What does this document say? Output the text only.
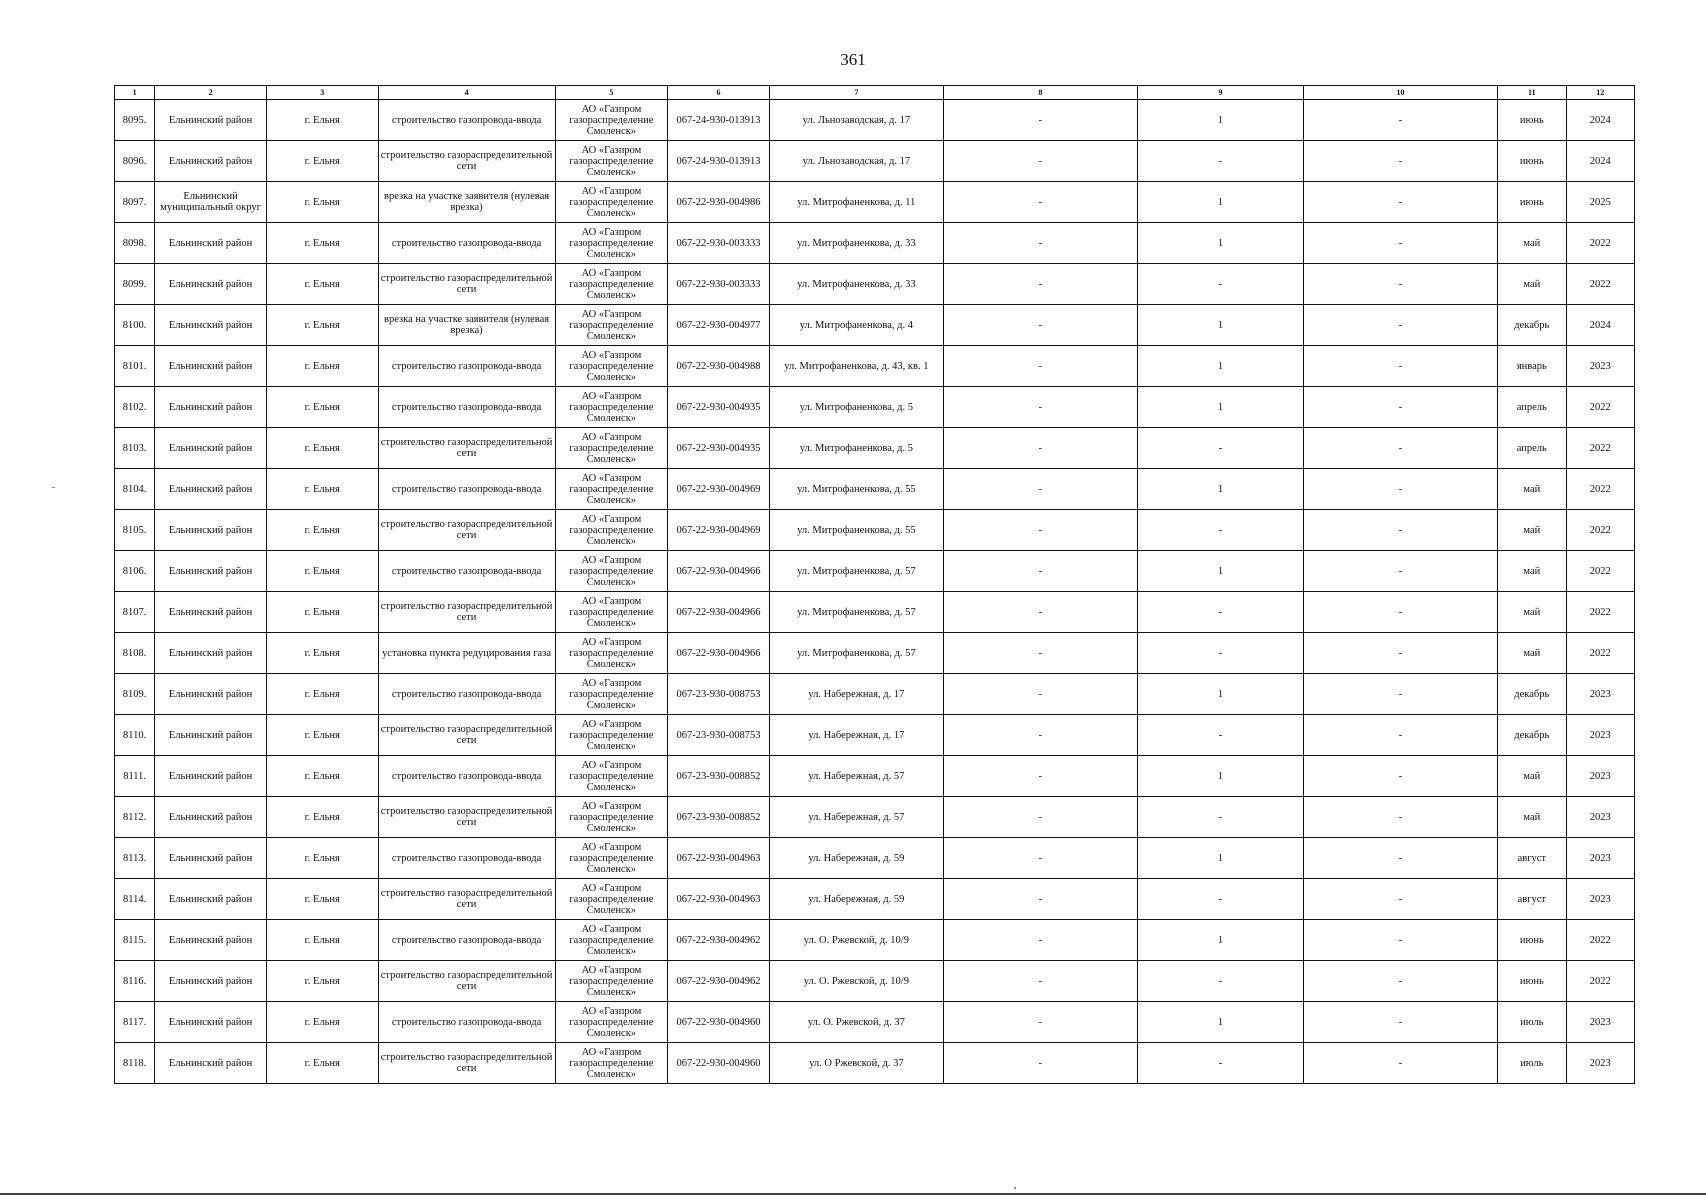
361
1	2	3	4	5	6	7	8	9	10	11	12
8095.	Ельнинский район	г. Ельня	строительство газопровода-ввода	АО «Газпром газораспределение Смоленск»	067-24-930-013913	ул. Льнозаводская, д. 17	-	1	-	июнь	2024
8096.	Ельнинский район	г. Ельня	строительство газораспределительной сети	АО «Газпром газораспределение Смоленск»	067-24-930-013913	ул. Льнозаводская, д. 17	-	-	-	июнь	2024
8097.	Ельнинский муниципальный округ	г. Ельня	врезка на участке заявителя (нулевая врезка)	АО «Газпром газораспределение Смоленск»	067-22-930-004986	ул. Митрофаненкова, д. 11	-	1	-	июнь	2025
8098.	Ельнинский район	г. Ельня	строительство газопровода-ввода	АО «Газпром газораспределение Смоленск»	067-22-930-003333	ул. Митрофаненкова, д. 33	-	1	-	май	2022
8099.	Ельнинский район	г. Ельня	строительство газораспределительной сети	АО «Газпром газораспределение Смоленск»	067-22-930-003333	ул. Митрофаненкова, д. 33	-	-	-	май	2022
8100.	Ельнинский район	г. Ельня	врезка на участке заявителя (нулевая врезка)	АО «Газпром газораспределение Смоленск»	067-22-930-004977	ул. Митрофаненкова, д. 4	-	1	-	декабрь	2024
8101.	Ельнинский район	г. Ельня	строительство газопровода-ввода	АО «Газпром газораспределение Смоленск»	067-22-930-004988	ул. Митрофаненкова, д. 43, кв. 1	-	1	-	январь	2023
8102.	Ельнинский район	г. Ельня	строительство газопровода-ввода	АО «Газпром газораспределение Смоленск»	067-22-930-004935	ул. Митрофаненкова, д. 5	-	1	-	апрель	2022
8103.	Ельнинский район	г. Ельня	строительство газораспределительной сети	АО «Газпром газораспределение Смоленск»	067-22-930-004935	ул. Митрофаненкова, д. 5	-	-	-	апрель	2022
8104.	Ельнинский район	г. Ельня	строительство газопровода-ввода	АО «Газпром газораспределение Смоленск»	067-22-930-004969	ул. Митрофаненкова, д. 55	-	1	-	май	2022
8105.	Ельнинский район	г. Ельня	строительство газораспределительной сети	АО «Газпром газораспределение Смоленск»	067-22-930-004969	ул. Митрофаненкова, д. 55	-	-	-	май	2022
8106.	Ельнинский район	г. Ельня	строительство газопровода-ввода	АО «Газпром газораспределение Смоленск»	067-22-930-004966	ул. Митрофаненкова, д. 57	-	1	-	май	2022
8107.	Ельнинский район	г. Ельня	строительство газораспределительной сети	АО «Газпром газораспределение Смоленск»	067-22-930-004966	ул. Митрофаненкова, д. 57	-	-	-	май	2022
8108.	Ельнинский район	г. Ельня	установка пункта редуцирования газа	АО «Газпром газораспределение Смоленск»	067-22-930-004966	ул. Митрофаненкова, д. 57	-	-	-	май	2022
8109.	Ельнинский район	г. Ельня	строительство газопровода-ввода	АО «Газпром газораспределение Смоленск»	067-23-930-008753	ул. Набережная, д. 17	-	1	-	декабрь	2023
8110.	Ельнинский район	г. Ельня	строительство газораспределительной сети	АО «Газпром газораспределение Смоленск»	067-23-930-008753	ул. Набережная, д. 17	-	-	-	декабрь	2023
8111.	Ельнинский район	г. Ельня	строительство газопровода-ввода	АО «Газпром газораспределение Смоленск»	067-23-930-008852	ул. Набережная, д. 57	-	1	-	май	2023
8112.	Ельнинский район	г. Ельня	строительство газораспределительной сети	АО «Газпром газораспределение Смоленск»	067-23-930-008852	ул. Набережная, д. 57	-	-	-	май	2023
8113.	Ельнинский район	г. Ельня	строительство газопровода-ввода	АО «Газпром газораспределение Смоленск»	067-22-930-004963	ул. Набережная, д. 59	-	1	-	август	2023
8114.	Ельнинский район	г. Ельня	строительство газораспределительной сети	АО «Газпром газораспределение Смоленск»	067-22-930-004963	ул. Набережная, д. 59	-	-	-	август	2023
8115.	Ельнинский район	г. Ельня	строительство газопровода-ввода	АО «Газпром газораспределение Смоленск»	067-22-930-004962	ул. О. Ржевской, д. 10/9	-	1	-	июнь	2022
8116.	Ельнинский район	г. Ельня	строительство газораспределительной сети	АО «Газпром газораспределение Смоленск»	067-22-930-004962	ул. О. Ржевской, д. 10/9	-	-	-	июнь	2022
8117.	Ельнинский район	г. Ельня	строительство газопровода-ввода	АО «Газпром газораспределение Смоленск»	067-22-930-004960	ул. О. Ржевской, д. 37	-	1	-	июль	2023
8118.	Ельнинский район	г. Ельня	строительство газораспределительной сети	АО «Газпром газораспределение Смоленск»	067-22-930-004960	ул. О Ржевской, д. 37	-	-	-	июль	2023
